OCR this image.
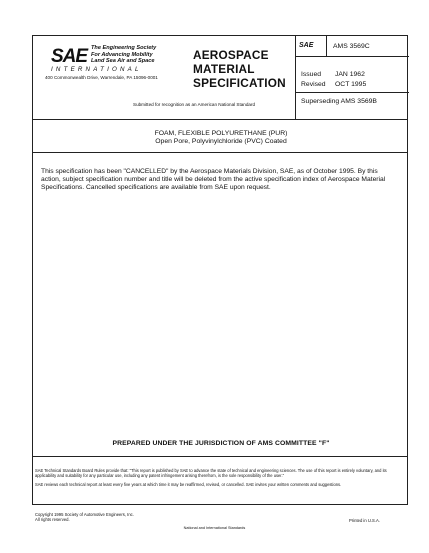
SAE The Engineering Society
For Advancing Mobility
Land Sea Air and Space
INTERNATIONAL
400 Commonwealth Drive, Warrendale, PA 15096-0001
AEROSPACE MATERIAL SPECIFICATION
SAE	AMS 3569C
Issued
Revised
JAN 1962
OCT 1995
Superseding AMS 3569B
Submitted for recognition as an American National Standard
FOAM, FLEXIBLE POLYURETHANE (PUR)
Open Pore, Polyvinylchloride (PVC) Coated
This specification has been "CANCELLED" by the Aerospace Materials Division, SAE, as of October 1995. By this action, subject specification number and title will be deleted from the active specification index of Aerospace Material Specifications. Cancelled specifications are available from SAE upon request.
PREPARED UNDER THE JURISDICTION OF AMS COMMITTEE "F"
SAE Technical Standards Board Rules provide that: "This report is published by SAE to advance the state of technical and engineering sciences. The use of this report is entirely voluntary, and its applicability and suitability for any particular use, including any patent infringement arising therefrom, is the sole responsibility of the user."
SAE reviews each technical report at least every five years at which time it may be reaffirmed, revised, or cancelled. SAE invites your written comments and suggestions.
Copyright 1995 Society of Automotive Engineers, Inc.
All rights reserved.	Printed in U.S.A.
National and International Standards
